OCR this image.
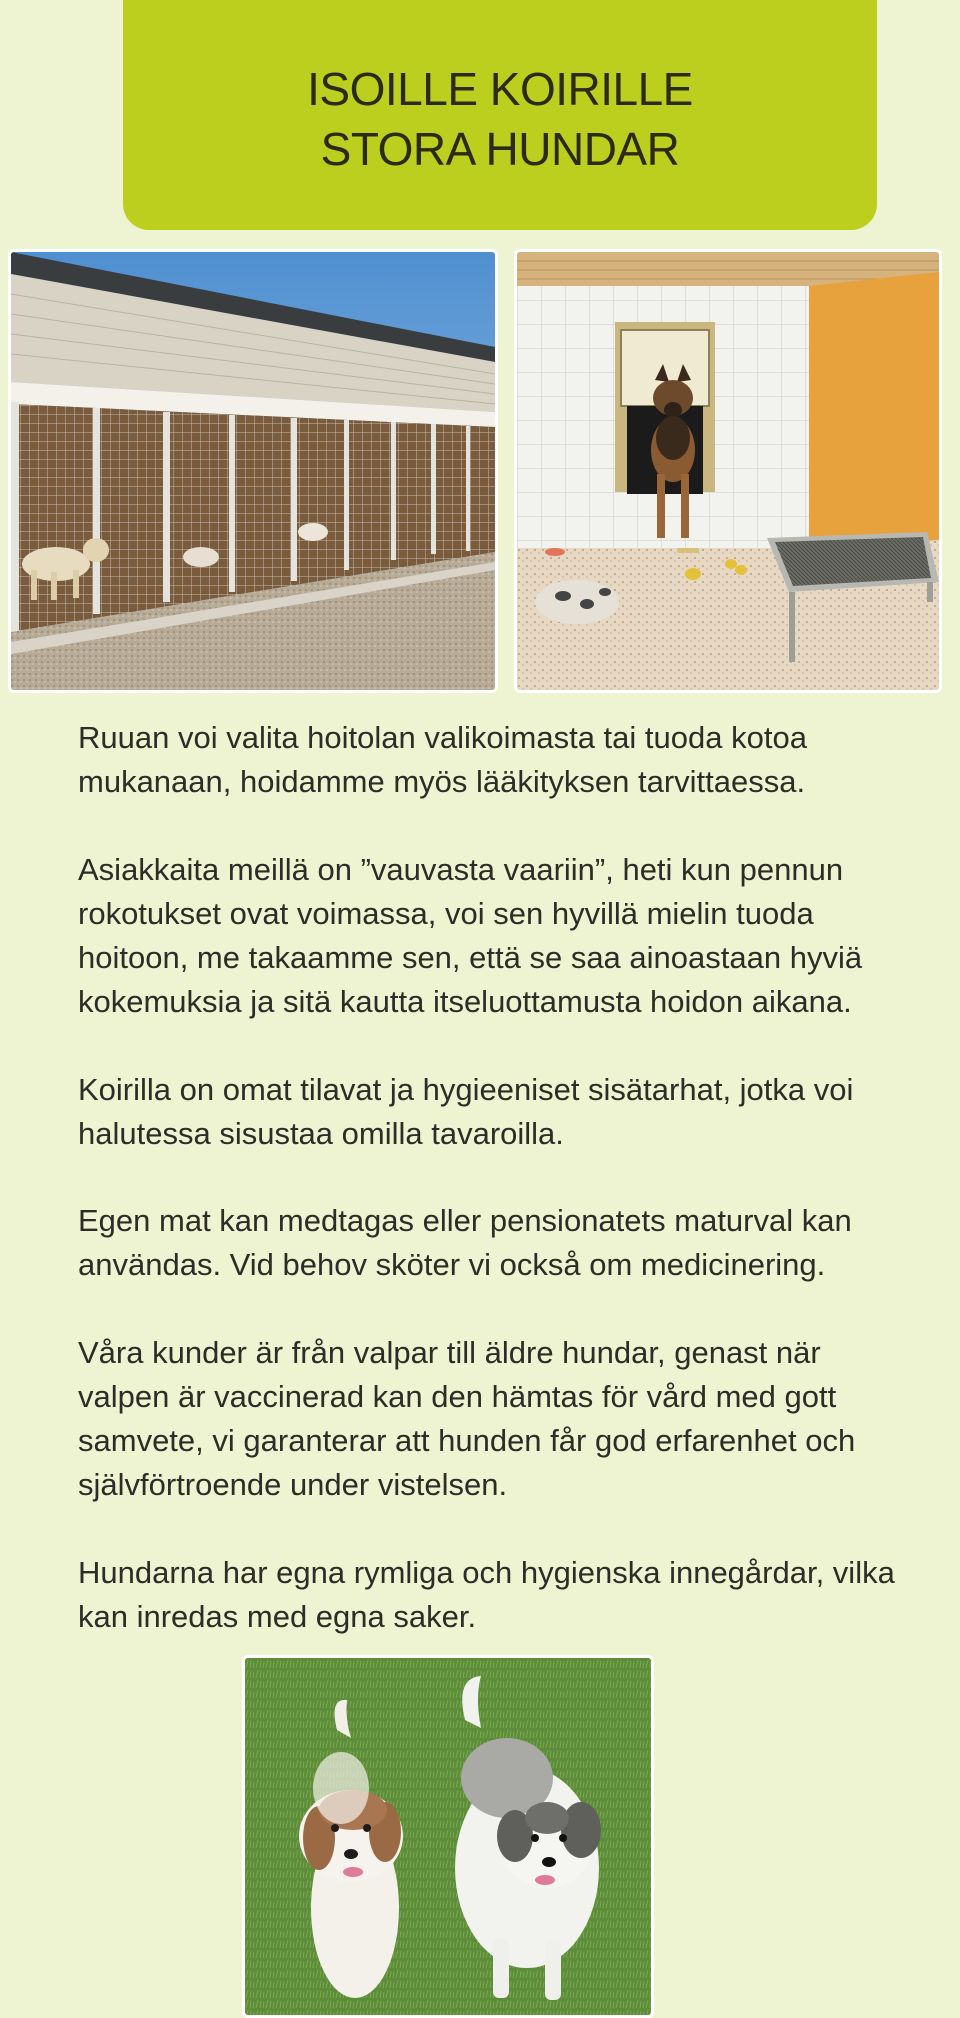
ISOILLE KOIRILLE
STORA HUNDAR

Ruuan voi valita hoitolan valikoimasta tai tuoda kotoa
mukanaan, hoidamme myös lääkityksen tarvittaessa.

Asiakkaita meillä on ”vauvasta vaariin”, heti kun pennun
rokotukset ovat voimassa, voi sen hyvillä mielin tuoda
hoitoon, me takaamme sen, että se saa ainoastaan hyviä
kokemuksia ja sitä kautta itseluottamusta hoidon aikana.

Koirilla on omat tilavat ja hygieeniset sisätarhat, jotka voi
halutessa sisustaa omilla tavaroilla.

Egen mat kan medtagas eller pensionatets maturval kan
användas. Vid behov sköter vi också om medicinering.

Våra kunder är från valpar till äldre hundar, genast när
valpen är vaccinerad kan den hämtas för vård med gott
samvete, vi garanterar att hunden får god erfarenhet och
självförtroende under vistelsen.

Hundarna har egna rymliga och hygienska innegårdar, vilka
kan inredas med egna saker.
